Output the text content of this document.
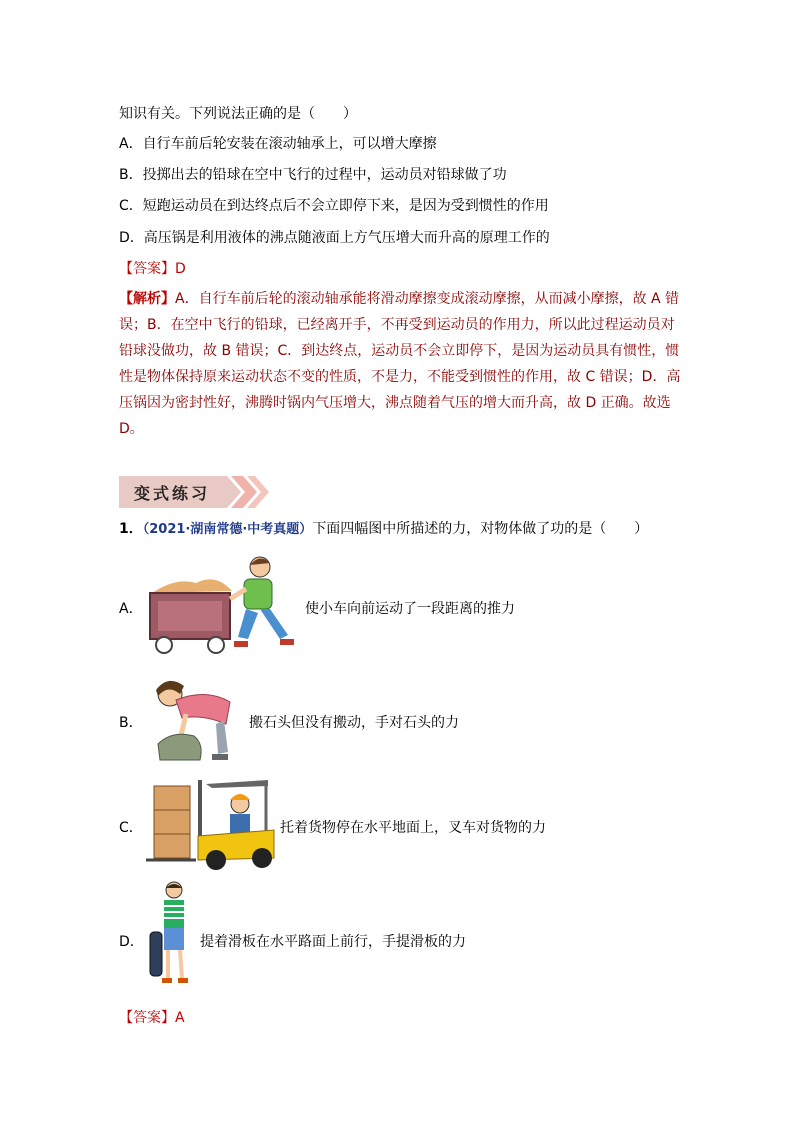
知识有关。下列说法正确的是（　　）
A．自行车前后轮安装在滚动轴承上，可以增大摩擦
B．投掷出去的铅球在空中飞行的过程中，运动员对铅球做了功
C．短跑运动员在到达终点后不会立即停下来，是因为受到惯性的作用
D．高压锅是利用液体的沸点随液面上方气压增大而升高的原理工作的
【答案】D
【解析】A．自行车前后轮的滚动轴承能将滑动摩擦变成滚动摩擦，从而减小摩擦，故 A 错
误；B．在空中飞行的铅球，已经离开手，不再受到运动员的作用力，所以此过程运动员对
铅球没做功，故 B 错误；C．到达终点，运动员不会立即停下，是因为运动员具有惯性，惯
性是物体保持原来运动状态不变的性质，不是力，不能受到惯性的作用，故 C 错误；D．高
压锅因为密封性好，沸腾时锅内气压增大，沸点随着气压的增大而升高，故 D 正确。故选
D。
变式练习
1．（2021·湖南常德·中考真题）下面四幅图中所描述的力，对物体做了功的是（　　）
A．	使小车向前运动了一段距离的推力
B．	搬石头但没有搬动，手对石头的力
C．	托着货物停在水平地面上，叉车对货物的力
D．	提着滑板在水平路面上前行，手提滑板的力
【答案】A
